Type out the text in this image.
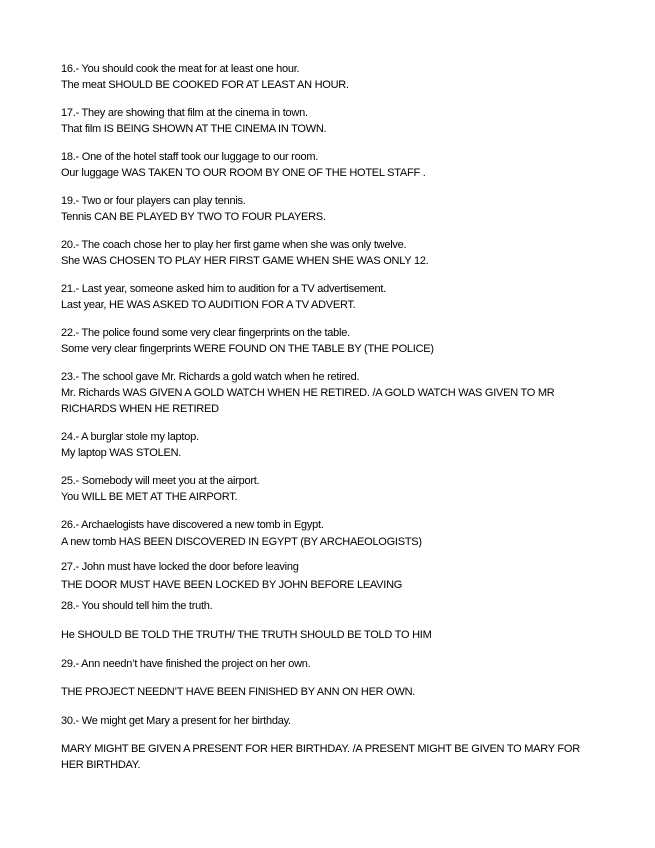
16.- You should cook the meat for at least one hour.
The meat SHOULD BE COOKED FOR AT LEAST AN HOUR.
17.- They are showing that film at the cinema in town.
That film IS BEING SHOWN AT THE CINEMA IN TOWN.
18.- One of the hotel staff took our luggage to our room.
Our luggage WAS TAKEN TO OUR ROOM BY ONE OF THE HOTEL STAFF .
19.- Two or four players can play tennis.
Tennis CAN BE PLAYED BY TWO TO FOUR PLAYERS.
20.- The coach chose her to play her first game when she was only twelve.
She WAS CHOSEN TO PLAY HER FIRST GAME WHEN SHE WAS ONLY 12.
21.- Last year, someone asked him to audition for a TV advertisement.
Last year, HE WAS ASKED TO AUDITION FOR A TV ADVERT.
22.- The police found some very clear fingerprints on the table.
Some very clear fingerprints WERE FOUND ON THE TABLE BY (THE POLICE)
23.- The school gave Mr. Richards a gold watch when he retired.
Mr. Richards WAS GIVEN A GOLD WATCH WHEN HE RETIRED. /A GOLD WATCH WAS GIVEN TO MR RICHARDS WHEN HE RETIRED
24.- A burglar stole my laptop.
My laptop WAS STOLEN.
25.- Somebody will meet you at the airport.
You WILL BE MET AT THE AIRPORT.
26.- Archaelogists have discovered a new tomb in Egypt.
A new tomb HAS BEEN DISCOVERED IN EGYPT (BY ARCHAEOLOGISTS)
27.- John must have locked the door before leaving
THE DOOR MUST HAVE BEEN LOCKED BY JOHN BEFORE LEAVING
28.- You should tell him the truth.
He SHOULD BE TOLD THE TRUTH/ THE TRUTH SHOULD BE TOLD TO HIM
29.- Ann needn’t have finished the project on her own.
THE PROJECT NEEDN’T HAVE BEEN FINISHED BY ANN ON HER OWN.
30.- We might get Mary a present for her birthday.
MARY MIGHT BE GIVEN A PRESENT FOR HER BIRTHDAY. /A PRESENT MIGHT BE GIVEN TO MARY FOR HER BIRTHDAY.
